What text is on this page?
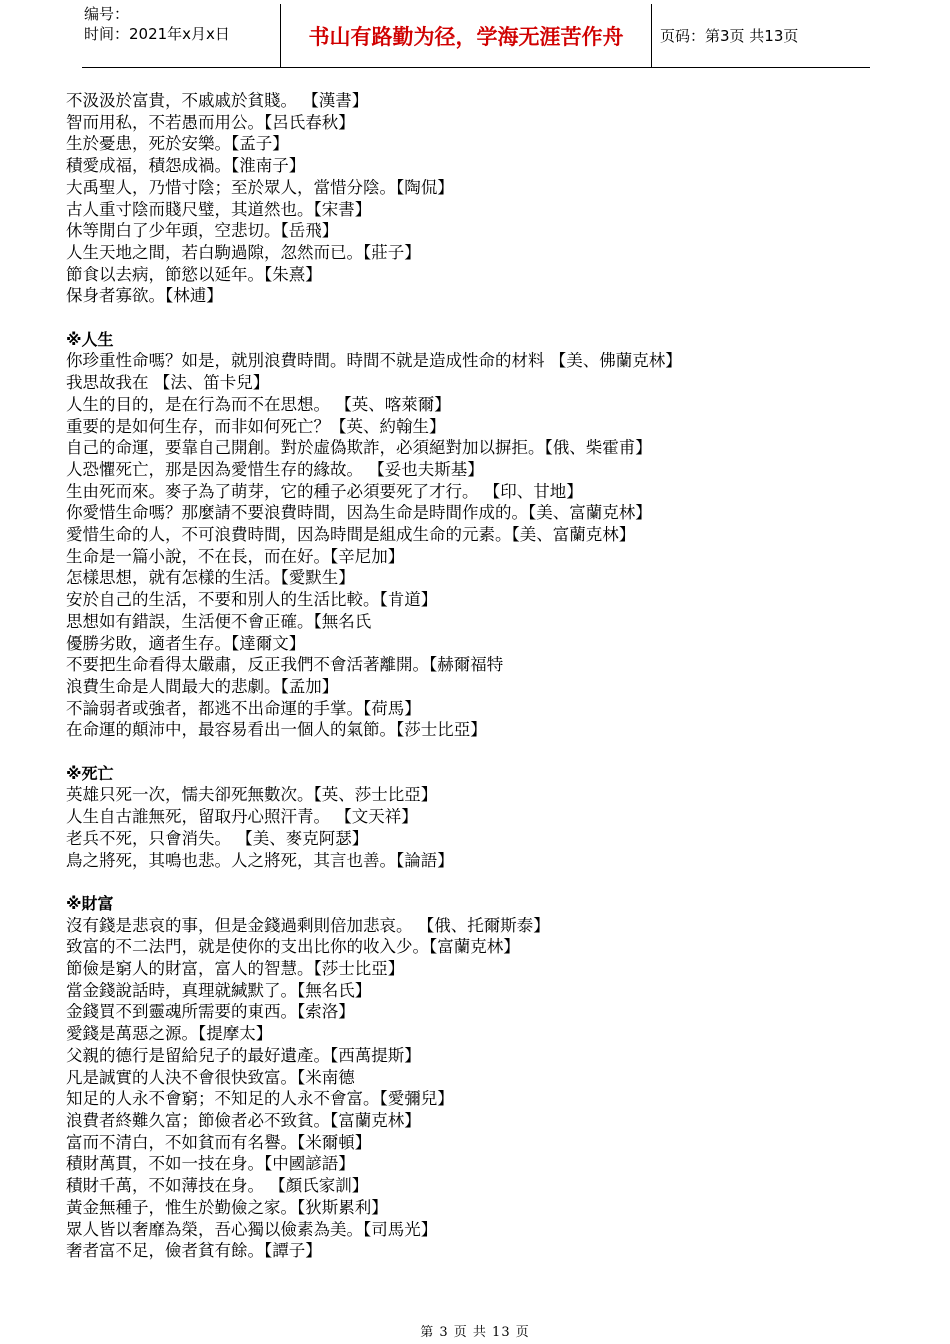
编号：
时间：2021年x月x日	书山有路勤为径，学海无涯苦作舟	页码：第3页 共13页
不汲汲於富貴，不戚戚於貧賤。 【漢書】
智而用私，不若愚而用公。【呂氏春秋】
生於憂患，死於安樂。【孟子】
積愛成福，積怨成禍。【淮南子】
大禹聖人，乃惜寸陰；至於眾人，當惜分陰。【陶侃】
古人重寸陰而賤尺璧，其道然也。【宋書】
休等閒白了少年頭，空悲切。【岳飛】
人生天地之間，若白駒過隙，忽然而已。【莊子】
節食以去病，節慾以延年。【朱熹】
保身者寡欲。【林逋】
※人生
你珍重性命嗎？如是，就別浪費時間。時間不就是造成性命的材料 【美、佛蘭克林】
我思故我在 【法、笛卡兒】
人生的目的，是在行為而不在思想。 【英、喀萊爾】
重要的是如何生存，而非如何死亡？【英、約翰生】
自己的命運，要靠自己開創。對於虛偽欺詐，必須絕對加以摒拒。【俄、柴霍甫】
人恐懼死亡，那是因為愛惜生存的緣故。 【妥也夫斯基】
生由死而來。麥子為了萌芽，它的種子必須要死了才行。 【印、甘地】
你愛惜生命嗎？那麼請不要浪費時間，因為生命是時間作成的。【美、富蘭克林】
愛惜生命的人，不可浪費時間，因為時間是組成生命的元素。【美、富蘭克林】
生命是一篇小說，不在長，而在好。【辛尼加】
怎樣思想，就有怎樣的生活。【愛默生】
安於自己的生活，不要和別人的生活比較。【肯道】
思想如有錯誤，生活便不會正確。【無名氏
優勝劣敗，適者生存。【達爾文】
不要把生命看得太嚴肅，反正我們不會活著離開。【赫爾福特
浪費生命是人間最大的悲劇。【孟加】
不論弱者或強者，都逃不出命運的手掌。【荷馬】
在命運的顛沛中，最容易看出一個人的氣節。【莎士比亞】
※死亡
英雄只死一次，懦夫卻死無數次。【英、莎士比亞】
人生自古誰無死，留取丹心照汗青。 【文天祥】
老兵不死，只會消失。 【美、麥克阿瑟】
鳥之將死，其鳴也悲。人之將死，其言也善。【論語】
※財富
沒有錢是悲哀的事，但是金錢過剩則倍加悲哀。 【俄、托爾斯泰】
致富的不二法門，就是使你的支出比你的收入少。【富蘭克林】
節儉是窮人的財富，富人的智慧。【莎士比亞】
當金錢說話時，真理就緘默了。【無名氏】
金錢買不到靈魂所需要的東西。【索洛】
愛錢是萬惡之源。【提摩太】
父親的德行是留給兒子的最好遺產。【西萬提斯】
凡是誠實的人決不會很快致富。【米南德
知足的人永不會窮；不知足的人永不會富。【愛彌兒】
浪費者終難久富；節儉者必不致貧。【富蘭克林】
富而不清白，不如貧而有名譽。【米爾頓】
積財萬貫，不如一技在身。【中國諺語】
積財千萬，不如薄技在身。 【顏氏家訓】
黃金無種子，惟生於勤儉之家。【狄斯累利】
眾人皆以奢靡為榮，吾心獨以儉素為美。【司馬光】
奢者富不足，儉者貧有餘。【譚子】
第 3 页 共 13 页
